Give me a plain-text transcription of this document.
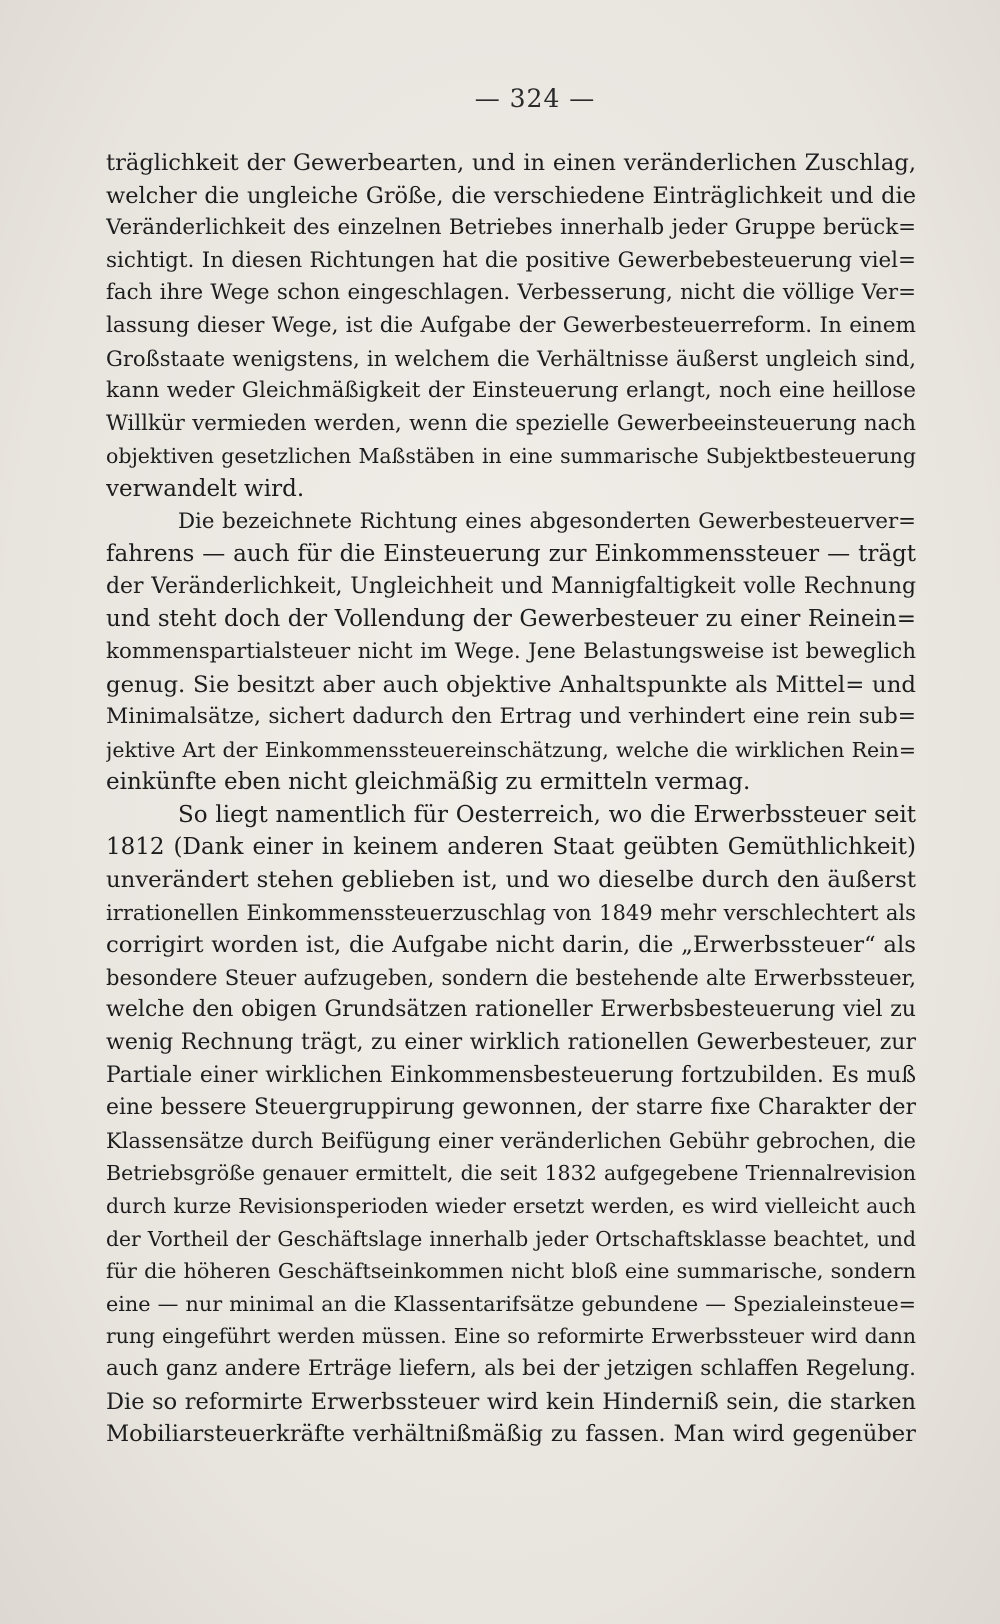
— 324 —
träglichkeit der Gewerbearten, und in einen veränderlichen Zuschlag,
welcher die ungleiche Größe, die verschiedene Einträglichkeit und die
Veränderlichkeit des einzelnen Betriebes innerhalb jeder Gruppe berück=
sichtigt. In diesen Richtungen hat die positive Gewerbebesteuerung viel=
fach ihre Wege schon eingeschlagen. Verbesserung, nicht die völlige Ver=
lassung dieser Wege, ist die Aufgabe der Gewerbesteuerreform. In einem
Großstaate wenigstens, in welchem die Verhältnisse äußerst ungleich sind,
kann weder Gleichmäßigkeit der Einsteuerung erlangt, noch eine heillose
Willkür vermieden werden, wenn die spezielle Gewerbeeinsteuerung nach
objektiven gesetzlichen Maßstäben in eine summarische Subjektbesteuerung
verwandelt wird.
Die bezeichnete Richtung eines abgesonderten Gewerbesteuerver=
fahrens — auch für die Einsteuerung zur Einkommenssteuer — trägt
der Veränderlichkeit, Ungleichheit und Mannigfaltigkeit volle Rechnung
und steht doch der Vollendung der Gewerbesteuer zu einer Reinein=
kommenspartialsteuer nicht im Wege. Jene Belastungsweise ist beweglich
genug. Sie besitzt aber auch objektive Anhaltspunkte als Mittel= und
Minimalsätze, sichert dadurch den Ertrag und verhindert eine rein sub=
jektive Art der Einkommenssteuereinschätzung, welche die wirklichen Rein=
einkünfte eben nicht gleichmäßig zu ermitteln vermag.
So liegt namentlich für Oesterreich, wo die Erwerbssteuer seit
1812 (Dank einer in keinem anderen Staat geübten Gemüthlichkeit)
unverändert stehen geblieben ist, und wo dieselbe durch den äußerst
irrationellen Einkommenssteuerzuschlag von 1849 mehr verschlechtert als
corrigirt worden ist, die Aufgabe nicht darin, die „Erwerbssteuer“ als
besondere Steuer aufzugeben, sondern die bestehende alte Erwerbssteuer,
welche den obigen Grundsätzen rationeller Erwerbsbesteuerung viel zu
wenig Rechnung trägt, zu einer wirklich rationellen Gewerbesteuer, zur
Partiale einer wirklichen Einkommensbesteuerung fortzubilden. Es muß
eine bessere Steuergruppirung gewonnen, der starre fixe Charakter der
Klassensätze durch Beifügung einer veränderlichen Gebühr gebrochen, die
Betriebsgröße genauer ermittelt, die seit 1832 aufgegebene Triennalrevision
durch kurze Revisionsperioden wieder ersetzt werden, es wird vielleicht auch
der Vortheil der Geschäftslage innerhalb jeder Ortschaftsklasse beachtet, und
für die höheren Geschäftseinkommen nicht bloß eine summarische, sondern
eine — nur minimal an die Klassentarifsätze gebundene — Spezialeinsteue=
rung eingeführt werden müssen. Eine so reformirte Erwerbssteuer wird dann
auch ganz andere Erträge liefern, als bei der jetzigen schlaffen Regelung.
Die so reformirte Erwerbssteuer wird kein Hinderniß sein, die starken
Mobiliarsteuerkräfte verhältnißmäßig zu fassen. Man wird gegenüber
